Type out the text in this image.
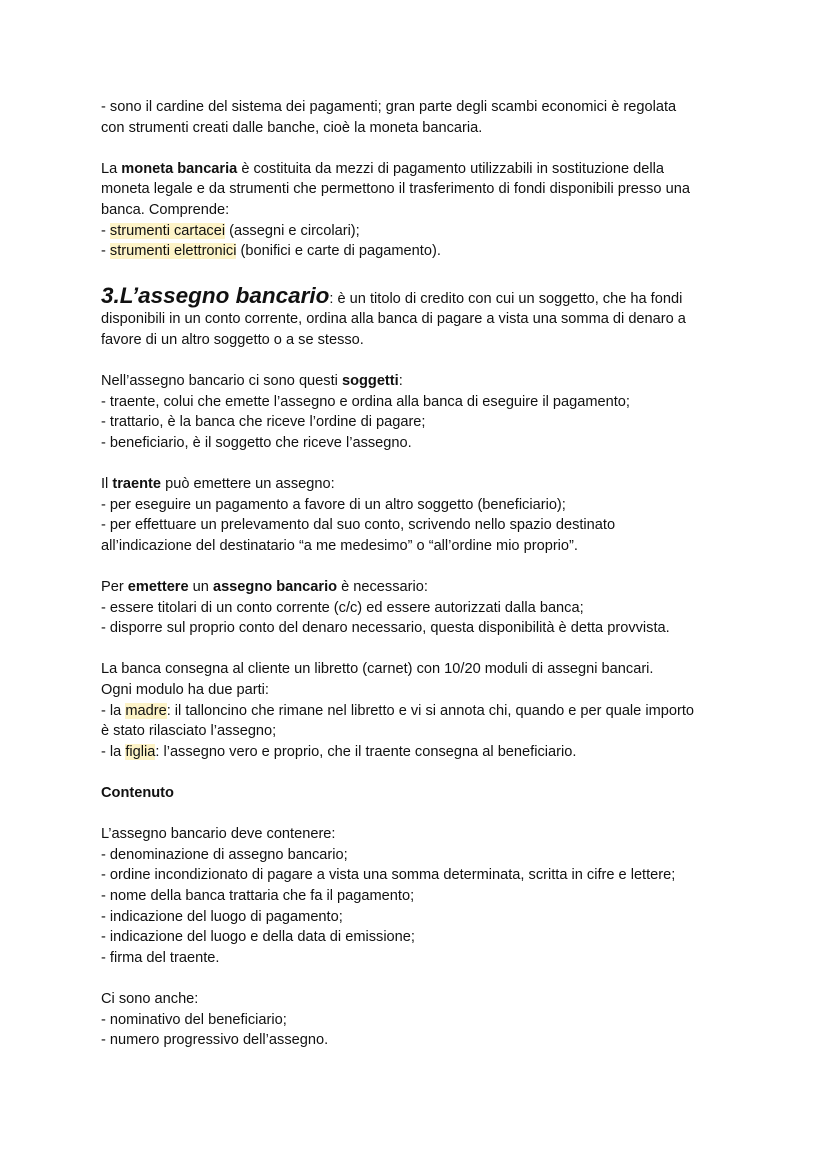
- sono il cardine del sistema dei pagamenti; gran parte degli scambi economici è regolata

con strumenti creati dalle banche, cioè la moneta bancaria.

La moneta bancaria è costituita da mezzi di pagamento utilizzabili in sostituzione della

moneta legale e da strumenti che permettono il trasferimento di fondi disponibili presso una

banca. Comprende:

- strumenti cartacei (assegni e circolari);

- strumenti elettronici (bonifici e carte di pagamento).

3.L’assegno bancario: è un titolo di credito con cui un soggetto, che ha fondi

disponibili in un conto corrente, ordina alla banca di pagare a vista una somma di denaro a

favore di un altro soggetto o a se stesso.

Nell’assegno bancario ci sono questi soggetti:

- traente, colui che emette l’assegno e ordina alla banca di eseguire il pagamento;

- trattario, è la banca che riceve l’ordine di pagare;

- beneficiario, è il soggetto che riceve l’assegno.

Il traente può emettere un assegno:

- per eseguire un pagamento a favore di un altro soggetto (beneficiario);

- per effettuare un prelevamento dal suo conto, scrivendo nello spazio destinato

all’indicazione del destinatario “a me medesimo” o “all’ordine mio proprio”.

Per emettere un assegno bancario è necessario:

- essere titolari di un conto corrente (c/c) ed essere autorizzati dalla banca;

- disporre sul proprio conto del denaro necessario, questa disponibilità è detta provvista.

La banca consegna al cliente un libretto (carnet) con 10/20 moduli di assegni bancari.

Ogni modulo ha due parti:

- la madre: il talloncino che rimane nel libretto e vi si annota chi, quando e per quale importo

è stato rilasciato l’assegno;

- la figlia: l’assegno vero e proprio, che il traente consegna al beneficiario.

Contenuto

L’assegno bancario deve contenere:

- denominazione di assegno bancario;

- ordine incondizionato di pagare a vista una somma determinata, scritta in cifre e lettere;

- nome della banca trattaria che fa il pagamento;

- indicazione del luogo di pagamento;

- indicazione del luogo e della data di emissione;

- firma del traente.

Ci sono anche:

- nominativo del beneficiario;

- numero progressivo dell’assegno.
